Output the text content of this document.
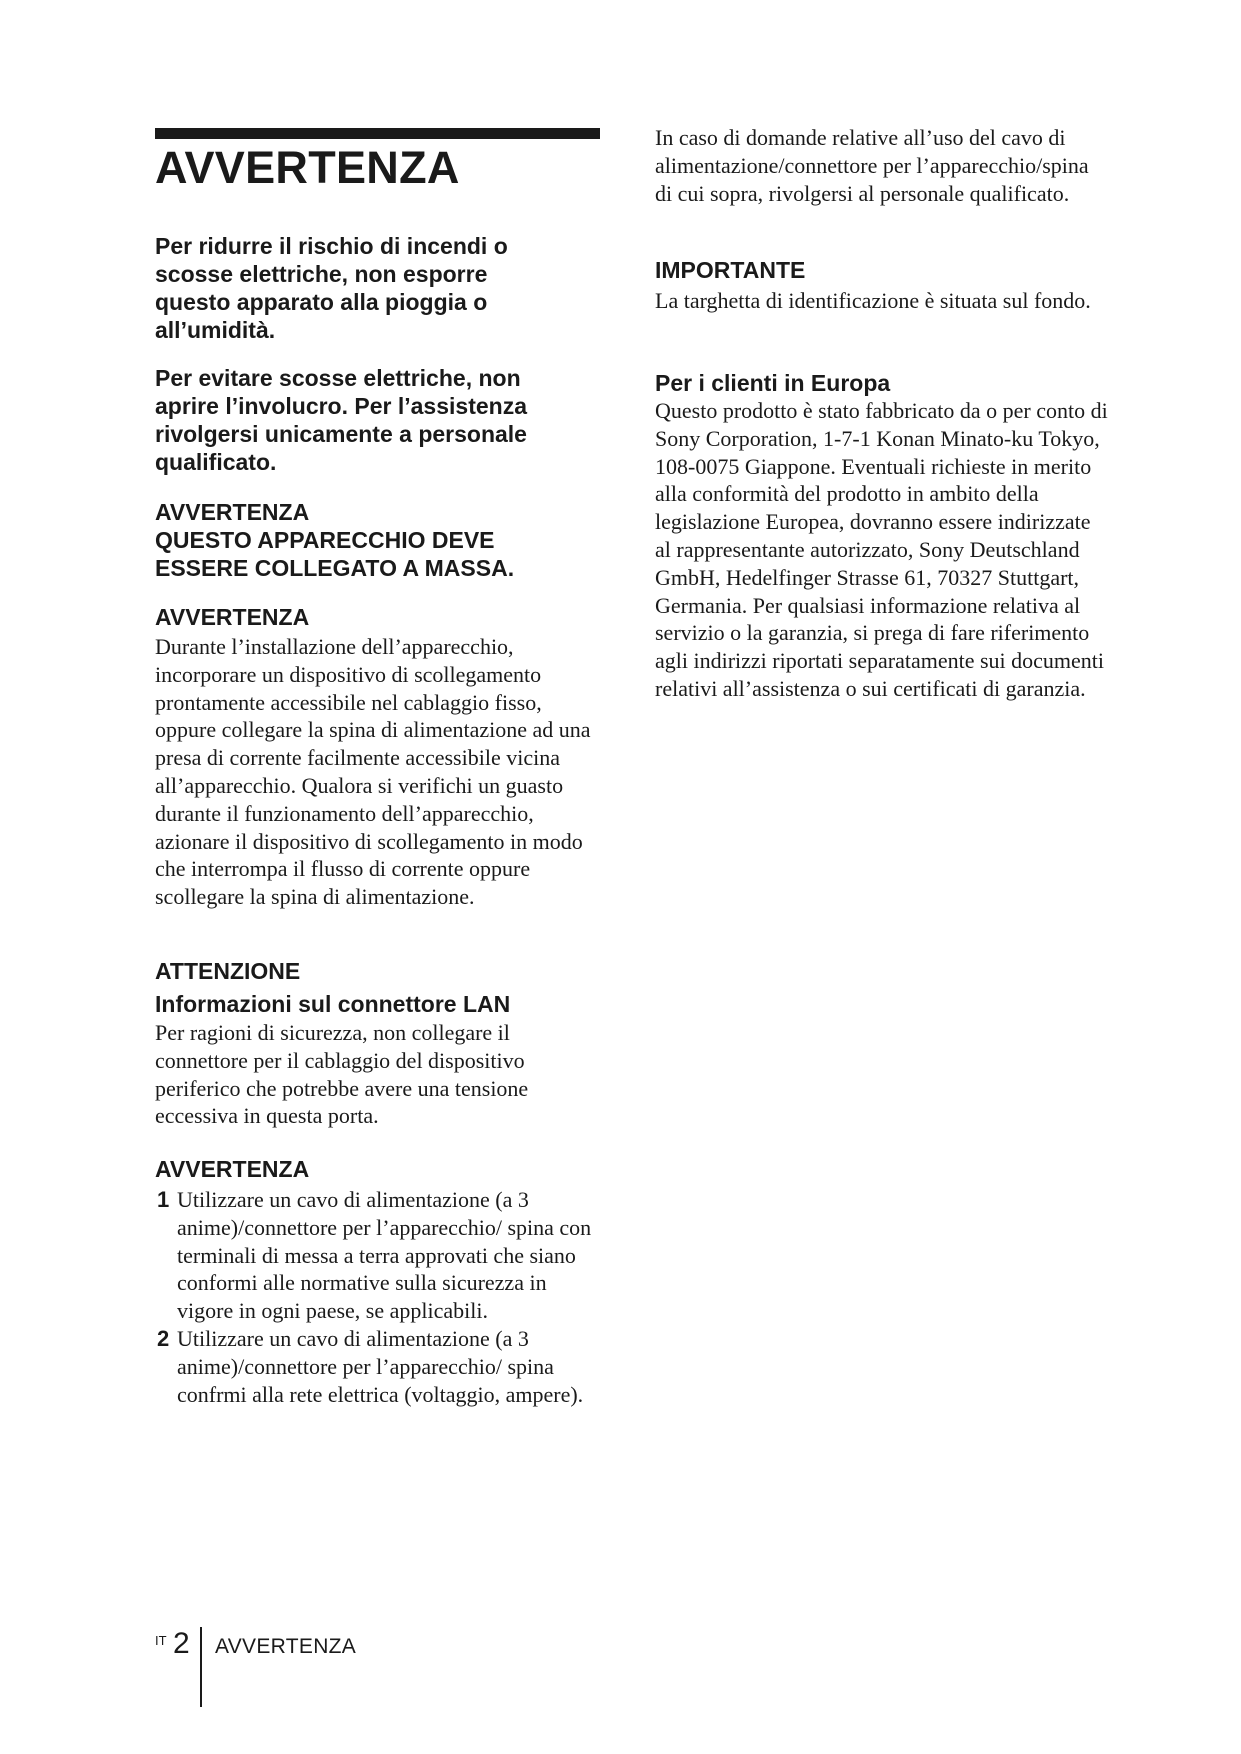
AVVERTENZA

Per ridurre il rischio di incendi o scosse elettriche, non esporre questo apparato alla pioggia o all’umidità.

Per evitare scosse elettriche, non aprire l’involucro. Per l’assistenza rivolgersi unicamente a personale qualificato.

AVVERTENZA

QUESTO APPARECCHIO DEVE ESSERE COLLEGATO A MASSA.

AVVERTENZA

Durante l’installazione dell’apparecchio, incorporare un dispositivo di scollegamento prontamente accessibile nel cablaggio fisso, oppure collegare la spina di alimentazione ad una presa di corrente facilmente accessibile vicina all’apparecchio. Qualora si verifichi un guasto durante il funzionamento dell’apparecchio, azionare il dispositivo di scollegamento in modo che interrompa il flusso di corrente oppure scollegare la spina di alimentazione.

ATTENZIONE
Informazioni sul connettore LAN

Per ragioni di sicurezza, non collegare il connettore per il cablaggio del dispositivo periferico che potrebbe avere una tensione eccessiva in questa porta.

AVVERTENZA
1 Utilizzare un cavo di alimentazione (a 3 anime)/connettore per l’apparecchio/ spina con terminali di messa a terra approvati che siano conformi alle normative sulla sicurezza in vigore in ogni paese, se applicabili.
2 Utilizzare un cavo di alimentazione (a 3 anime)/connettore per l’apparecchio/ spina confrmi alla rete elettrica (voltaggio, ampere).

In caso di domande relative all’uso del cavo di alimentazione/connettore per l’apparecchio/spina di cui sopra, rivolgersi al personale qualificato.

IMPORTANTE

La targhetta di identificazione è situata sul fondo.

Per i clienti in Europa

Questo prodotto è stato fabbricato da o per conto di Sony Corporation, 1-7-1 Konan Minato-ku Tokyo, 108-0075 Giappone. Eventuali richieste in merito alla conformità del prodotto in ambito della legislazione Europea, dovranno essere indirizzate al rappresentante autorizzato, Sony Deutschland GmbH, Hedelfinger Strasse 61, 70327 Stuttgart, Germania. Per qualsiasi informazione relativa al servizio o la garanzia, si prega di fare riferimento agli indirizzi riportati separatamente sui documenti relativi all’assistenza o sui certificati di garanzia.

IT 2 AVVERTENZA
